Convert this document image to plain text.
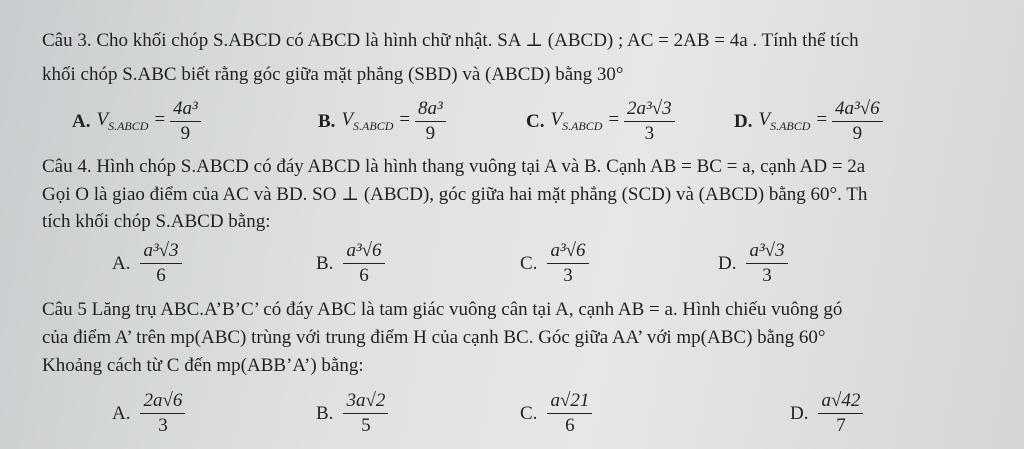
Câu 3. Cho khối chóp S.ABCD có ABCD là hình chữ nhật. SA ⊥ (ABCD) ; AC = 2AB = 4a . Tính thể tích
khối chóp S.ABC biết rằng góc giữa mặt phẳng (SBD) và (ABCD) bằng 30°
A. $V_{S.ABCD} = \frac{\text{4a³}}{9}$	B. $V_{S.ABCD} = \frac{\text{8a³}}{9}$	C. $V_{S.ABCD} = \frac{\text{2a³√3}}{3}$	D. $V_{S.ABCD} = \frac{\text{4a³√6}}{9}$
Câu 4. Hình chóp S.ABCD có đáy ABCD là hình thang vuông tại A và B. Cạnh AB = BC = a, cạnh AD = 2a
Gọi O là giao điểm của AC và BD. SO ⊥ (ABCD), góc giữa hai mặt phẳng (SCD) và (ABCD) bằng 60°. Th
tích khối chóp S.ABCD bằng:
A. $\frac{\text{a³√3}}{6}$	B. $\frac{\text{a³√6}}{6}$	C. $\frac{\text{a³√6}}{3}$	D. $\frac{\text{a³√3}}{3}$
Câu 5 Lăng trụ ABC.A’B’C’ có đáy ABC là tam giác vuông cân tại A, cạnh AB = a. Hình chiếu vuông gó
của điểm A’ trên mp(ABC) trùng với trung điểm H của cạnh BC. Góc giữa AA’ với mp(ABC) bằng 60°
Khoảng cách từ C đến mp(ABB’A’) bằng:
A. $\frac{2a√6}{3}$	B. $\frac{3a√2}{5}$	C. $\frac{a√21}{6}$	D. $\frac{a√42}{7}$
